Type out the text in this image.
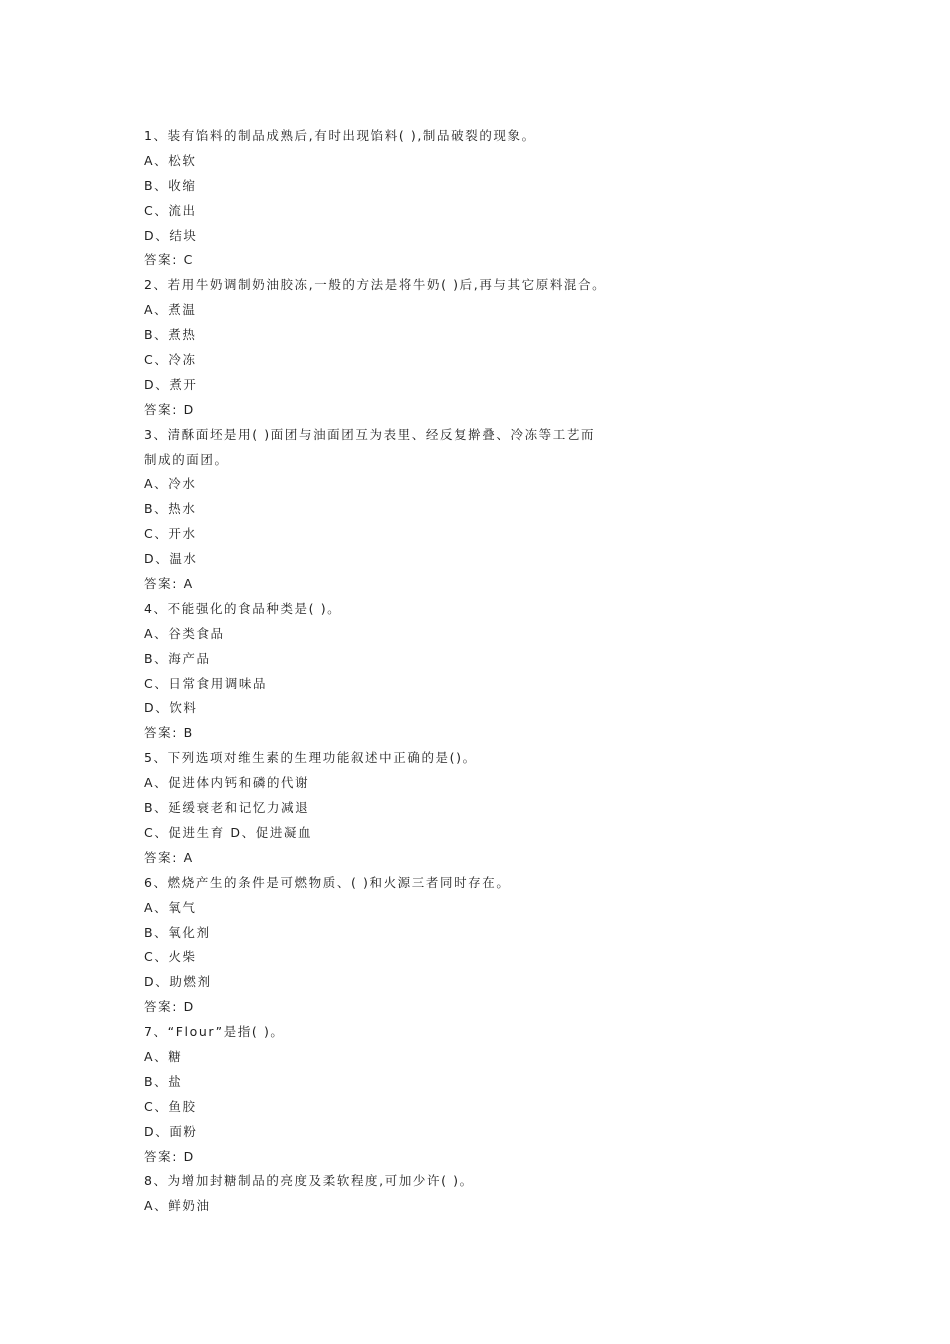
1、装有馅料的制品成熟后,有时出现馅料( ),制品破裂的现象。
A、松软
B、收缩
C、流出
D、结块
答案: C
2、若用牛奶调制奶油胶冻,一般的方法是将牛奶( )后,再与其它原料混合。
A、煮温
B、煮热
C、冷冻
D、煮开
答案: D
3、清酥面坯是用( )面团与油面团互为表里、经反复擀叠、冷冻等工艺而
制成的面团。
A、冷水
B、热水
C、开水
D、温水
答案: A
4、不能强化的食品种类是( )。
A、谷类食品
B、海产品
C、日常食用调味品
D、饮料
答案: B
5、下列选项对维生素的生理功能叙述中正确的是()。
A、促进体内钙和磷的代谢
B、延缓衰老和记忆力减退
C、促进生育 D、促进凝血
答案: A
6、燃烧产生的条件是可燃物质、( )和火源三者同时存在。
A、氧气
B、氧化剂
C、火柴
D、助燃剂
答案: D
7、“Flour”是指( )。
A、糖
B、盐
C、鱼胶
D、面粉
答案: D
8、为增加封糖制品的亮度及柔软程度,可加少许( )。
A、鲜奶油
